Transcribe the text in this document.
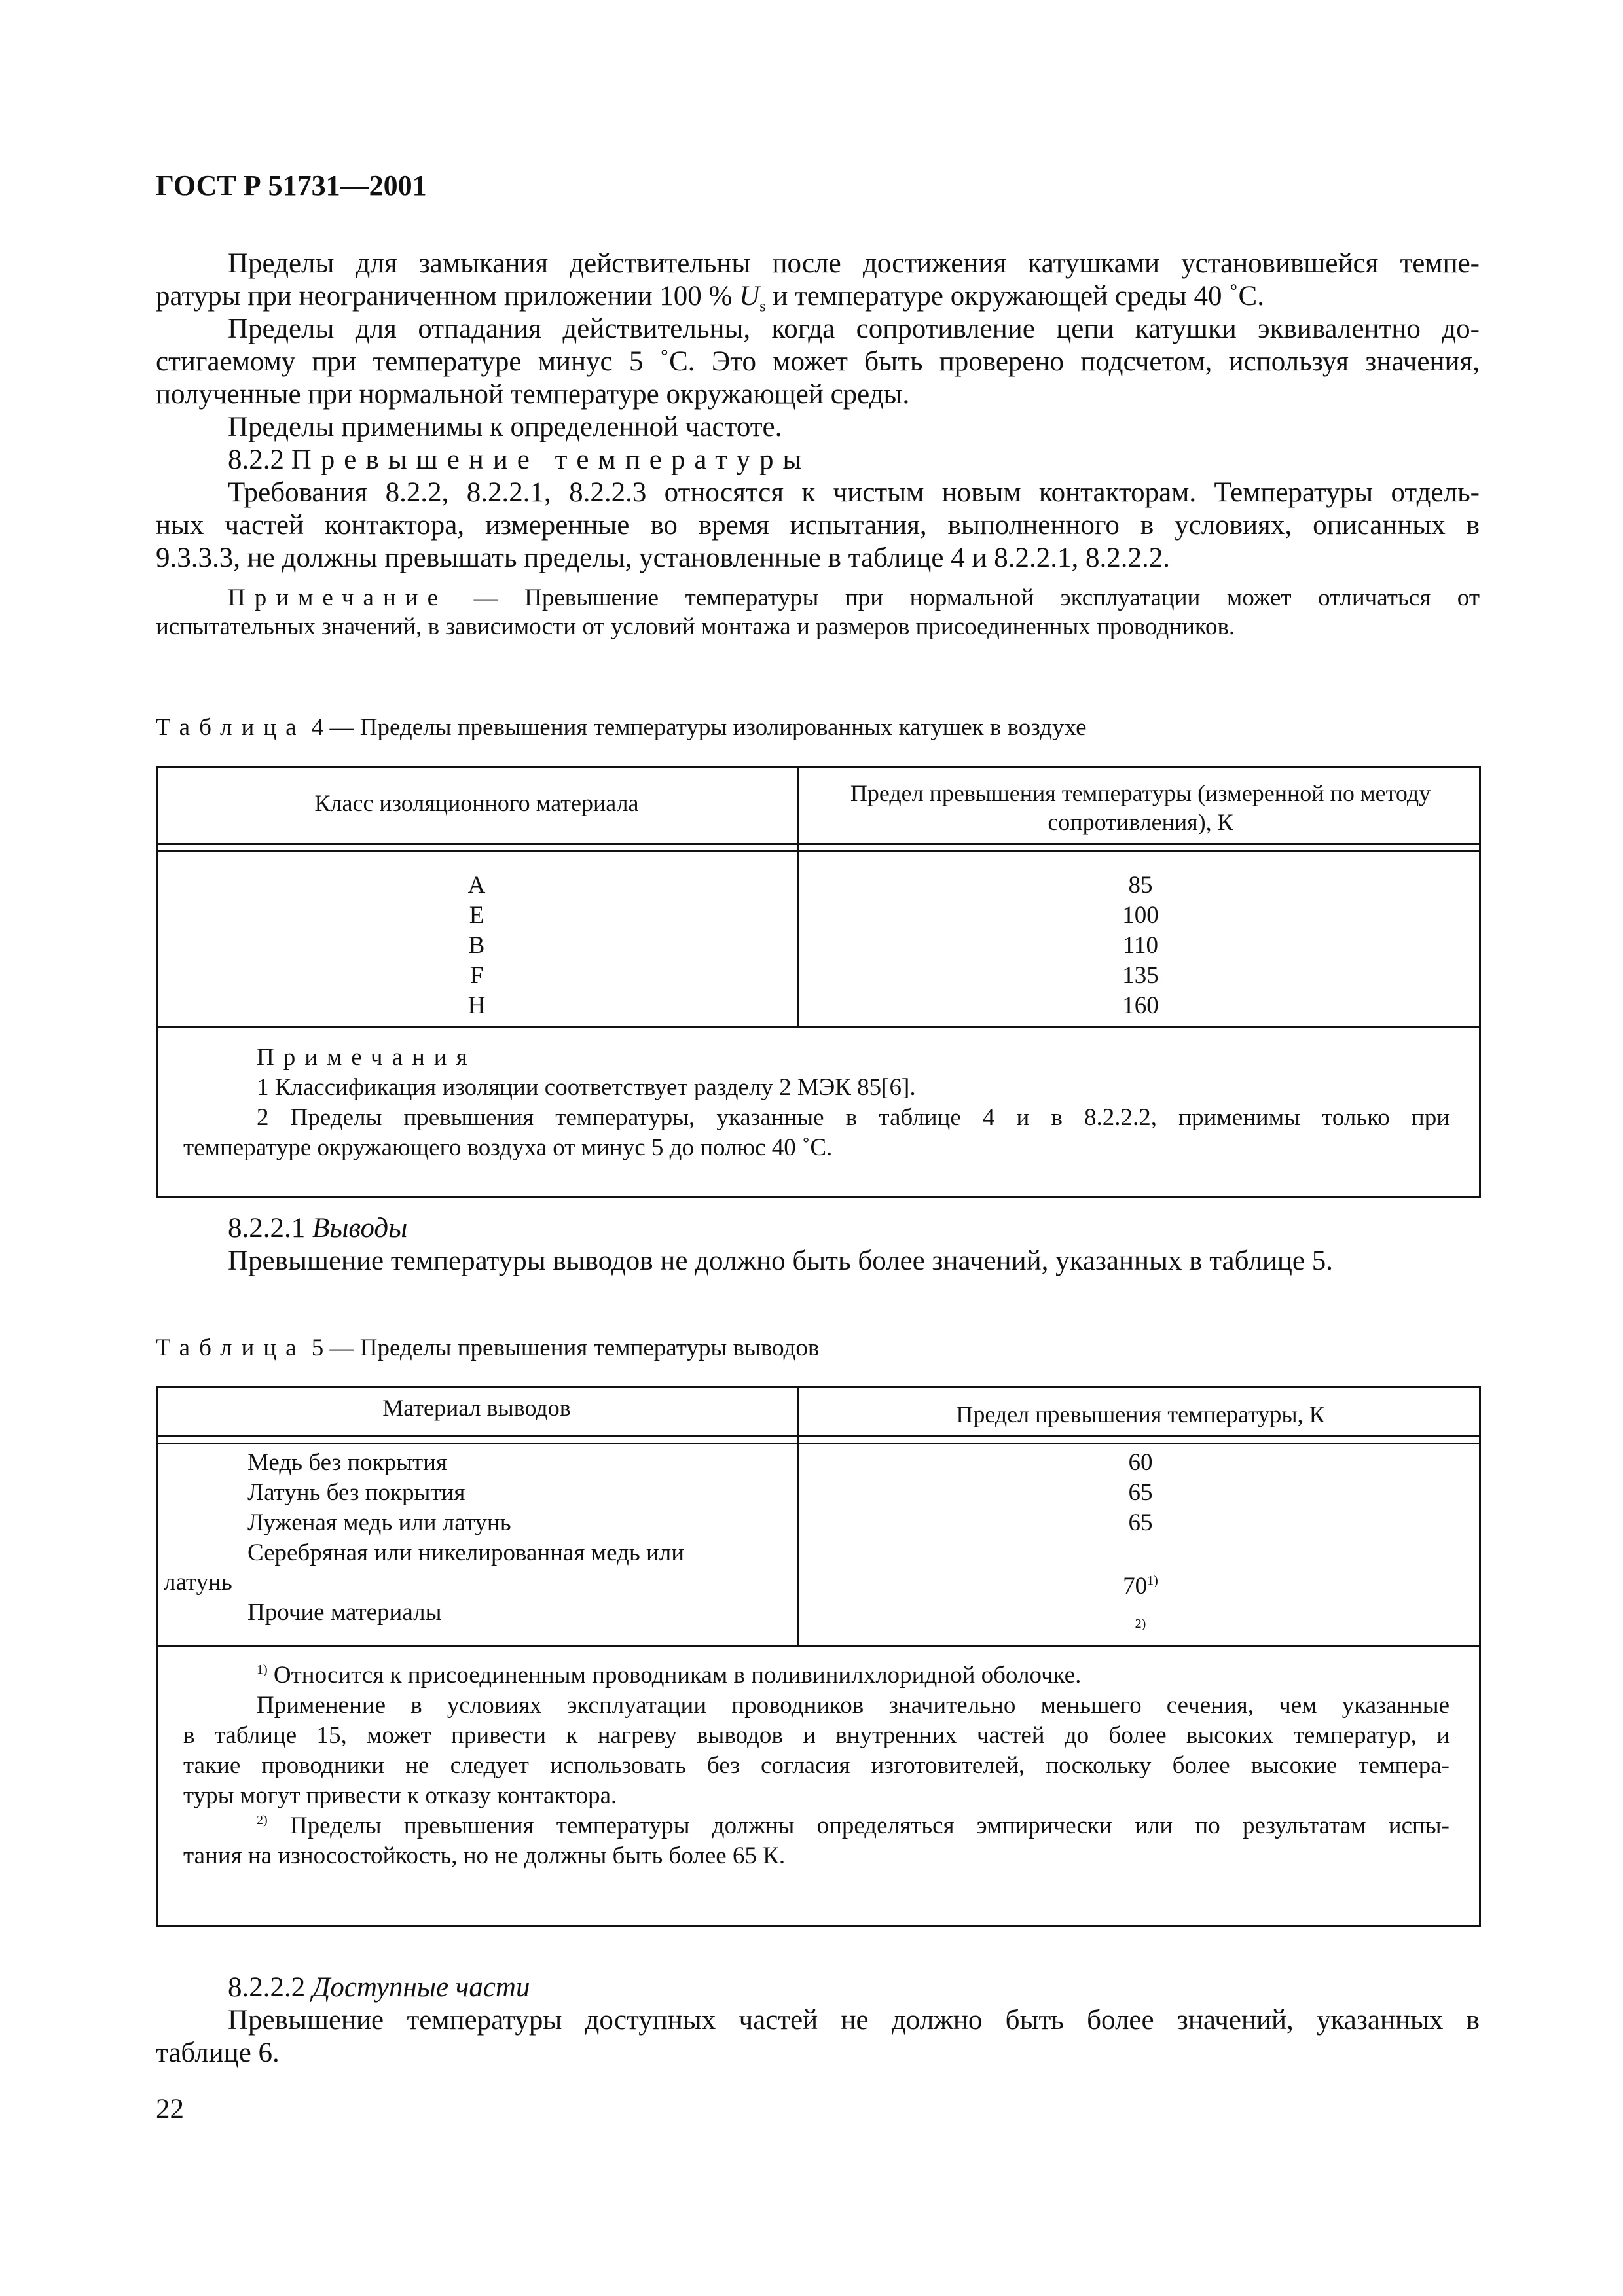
ГОСТ Р 51731—2001
Пределы для замыкания действительны после достижения катушками установившейся темпе-
ратуры при неограниченном приложении 100 % $U_s$ и температуре окружающей среды 40 ˚С.
Пределы для отпадания действительны, когда сопротивление цепи катушки эквивалентно до-
стигаемому при температуре минус 5 ˚С. Это может быть проверено подсчетом, используя значения,
полученные при нормальной температуре окружающей среды.
Пределы применимы к определенной частоте.
8.2.2 Превышение температуры
Требования 8.2.2, 8.2.2.1, 8.2.2.3 относятся к чистым новым контакторам. Температуры отдель-
ных частей контактора, измеренные во время испытания, выполненного в условиях, описанных в
9.3.3.3, не должны превышать пределы, установленные в таблице 4 и 8.2.2.1, 8.2.2.2.
Примечание — Превышение температуры при нормальной эксплуатации может отличаться от
испытательных значений, в зависимости от условий монтажа и размеров присоединенных проводников.
Таблица 4 — Пределы превышения температуры изолированных катушек в воздухе
Класс изоляционного материала	Предел превышения температуры (измеренной по методу
сопротивления), К
А
Е
В
F
Н
85
100
110
135
160
Примечания
1 Классификация изоляции соответствует разделу 2 МЭК 85[6].
2 Пределы превышения температуры, указанные в таблице 4 и в 8.2.2.2, применимы только при
температуре окружающего воздуха от минус 5 до полюс 40 ˚С.
8.2.2.1 Выводы
Превышение температуры выводов не должно быть более значений, указанных в таблице 5.
Таблица 5 — Пределы превышения температуры выводов
Материал выводов	Предел превышения температуры, К
Медь без покрытия
Латунь без покрытия
Луженая медь или латунь
Серебряная или никелированная медь или
латунь
Прочие материалы
60
65
65
70$^{1)}$
2)
$^{1)}$ Относится к присоединенным проводникам в поливинилхлоридной оболочке.
Применение в условиях эксплуатации проводников значительно меньшего сечения, чем указанные
в таблице 15, может привести к нагреву выводов и внутренних частей до более высоких температур, и
такие проводники не следует использовать без согласия изготовителей, поскольку более высокие темпера-
туры могут привести к отказу контактора.
$^{2)}$ Пределы превышения температуры должны определяться эмпирически или по результатам испы-
тания на износостойкость, но не должны быть более 65 К.
8.2.2.2 Доступные части
Превышение температуры доступных частей не должно быть более значений, указанных в
таблице 6.
22
